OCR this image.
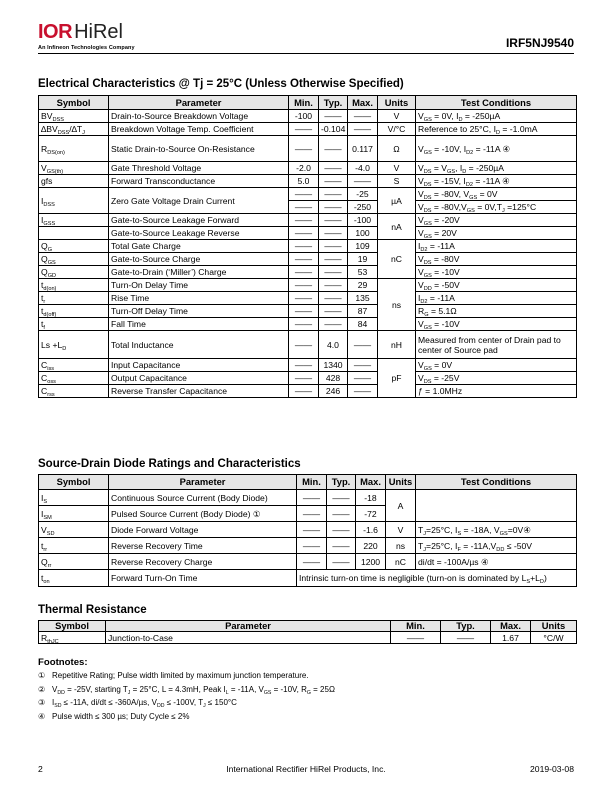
IOR HiRel
An Infineon Technologies Company	IRF5NJ9540
Electrical Characteristics @ Tj = 25°C (Unless Otherwise Specified)
Symbol	Parameter	Min.	Typ.	Max.	Units	Test Conditions
$BV_{DSS}$	Drain-to-Source Breakdown Voltage	-100	——	——	V	$V_{GS} = 0V$, $I_D = -250\mu A$
$\Delta BV_{DSS}/\Delta T_J$	Breakdown Voltage Temp. Coefficient	——	-0.104	——	V/°C	Reference to 25°C, $I_D = -1.0mA$
$R_{DS(on)}$	Static Drain-to-Source On-Resistance	——	——	0.117	Ω	$V_{GS} = -10V$, $I_{D2} = -11A$ ④
$V_{GS(th)}$	Gate Threshold Voltage	-2.0	——	-4.0	V	$V_{DS} = V_{GS}$, $I_D = -250\mu A$
gfs	Forward Transconductance	5.0	——	——	S	$V_{DS} = -15V$, $I_{D2} = -11A$ ④
$I_{DSS}$	Zero Gate Voltage Drain Current	——	——	-25	µA	$V_{DS} = -80V$, $V_{GS} = 0V$
		——	——	-250		$V_{DS} = -80V,V_{GS} = 0V,T_J =125^\circ C$
$I_{GSS}$	Gate-to-Source Leakage Forward	——	——	-100	nA	$V_{GS} = -20V$
	Gate-to-Source Leakage Reverse	——	——	100		$V_{GS} = 20V$
$Q_G$	Total Gate Charge	——	——	109	nC	$I_{D2} = -11A$
$Q_{GS}$	Gate-to-Source Charge	——	——	19		$V_{DS} = -80V$
$Q_{GD}$	Gate-to-Drain (‘Miller’) Charge	——	——	53		$V_{GS} = -10V$
$t_{d(on)}$	Turn-On Delay Time	——	——	29	ns	$V_{DD} = -50V$
$t_r$	Rise Time	——	——	135		$I_{D2} = -11A$
$t_{d(off)}$	Turn-Off Delay Time	——	——	87		$R_G = 5.1\Omega$
$t_f$	Fall Time	——	——	84		$V_{GS} = -10V$
$Ls +L_D$	Total Inductance	——	4.0	——	nH	Measured from center of Drain pad to center of Source pad
$C_{iss}$	Input Capacitance	——	1340	——	pF	$V_{GS} = 0V$
$C_{oss}$	Output Capacitance	——	428	——		$V_{DS} = -25V$
$C_{rss}$	Reverse Transfer Capacitance	——	246	——		ƒ = 1.0MHz
Source-Drain Diode Ratings and Characteristics
Symbol	Parameter	Min.	Typ.	Max.	Units	Test Conditions
$I_S$	Continuous Source Current (Body Diode)	——	——	-18	A	
$I_{SM}$	Pulsed Source Current (Body Diode) ①	——	——	-72		
$V_{SD}$	Diode Forward Voltage	——	——	-1.6	V	$T_J=25^\circ C$, $I_S = -18A$, $V_{GS}=0V④$
$t_{rr}$	Reverse Recovery Time	——	——	220	ns	$T_J=25^\circ C$, $I_F = -11A,V_{DD} \le -50V$
$Q_{rr}$	Reverse Recovery Charge	——	——	1200	nC	di/dt = -100A/µs ④
$t_{on}$	Forward Turn-On Time	Intrinsic turn-on time is negligible (turn-on is dominated by $L_S+L_D$)				
Thermal Resistance
Symbol	Parameter	Min.	Typ.	Max.	Units
$R_{thJC}$	Junction-to-Case	——	——	1.67	°C/W
Footnotes:
① Repetitive Rating; Pulse width limited by maximum junction temperature.
② $V_{DD} = -25V$, starting $T_J = 25^\circ C$, L = 4.3mH, Peak $I_L = -11A$, $V_{GS} = -10V$, $R_G = 25\Omega$
③ $I_{SD} \le -11A$, di/dt ≤ -360A/µs, $V_{DD} \le -100V$, $T_J \le 150^\circ C$
④ Pulse width ≤ 300 µs; Duty Cycle ≤ 2%
2	International Rectifier HiRel Products, Inc.	2019-03-08
